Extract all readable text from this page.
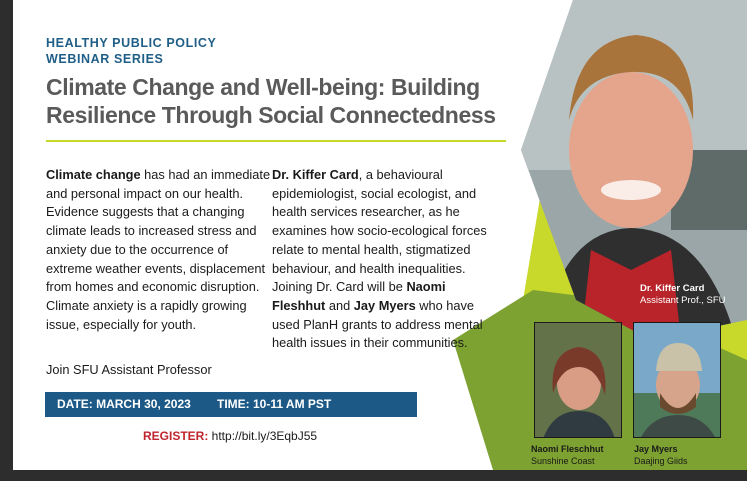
HEALTHY PUBLIC POLICY
WEBINAR SERIES
Climate Change and Well-being: Building
Resilience Through Social Connectedness
Climate change has had an immediate and personal impact on our health. Evidence suggests that a changing climate leads to increased stress and anxiety due to the occurrence of extreme weather events, displacement from homes and economic disruption. Climate anxiety is a rapidly growing issue, especially for youth.
Join SFU Assistant Professor
Dr. Kiffer Card, a behavioural epidemiologist, social ecologist, and health services researcher, as he examines how socio-ecological forces relate to mental health, stigmatized behaviour, and health inequalities. Joining Dr. Card will be Naomi Fleshhut and Jay Myers who have used PlanH grants to address mental health issues in their communities.
DATE: MARCH 30, 2023 TIME: 10-11 AM PST
REGISTER: http://bit.ly/3EqbJ55
Dr. Kiffer Card
Assistant Prof., SFU
Naomi Fleschhut
Sunshine Coast
Jay Myers
Daajing Giids
